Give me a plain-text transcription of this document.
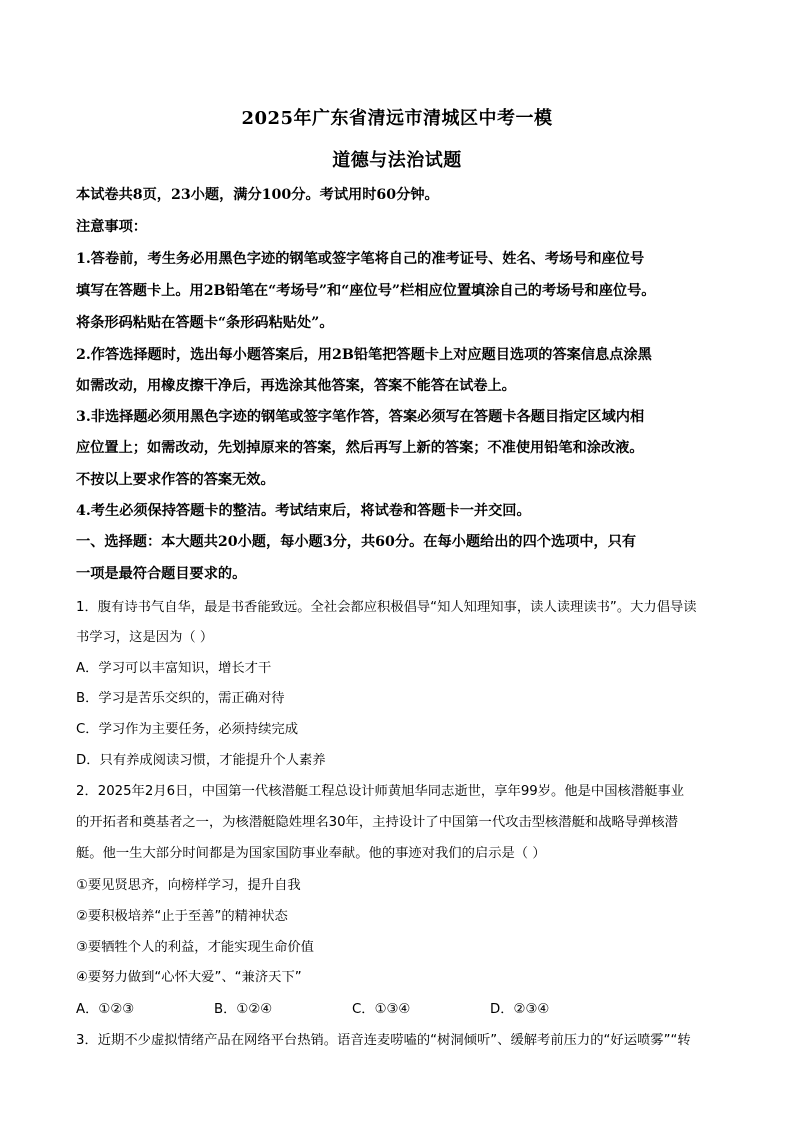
2025年广东省清远市清城区中考一模
道德与法治试题
本试卷共8页，23小题，满分100分。考试用时60分钟。
注意事项：
1.答卷前，考生务必用黑色字迹的钢笔或签字笔将自己的准考证号、姓名、考场号和座位号
填写在答题卡上。用2B铅笔在“考场号”和“座位号”栏相应位置填涂自己的考场号和座位号。
将条形码粘贴在答题卡“条形码粘贴处”。
2.作答选择题时，选出每小题答案后，用2B铅笔把答题卡上对应题目选项的答案信息点涂黑
如需改动，用橡皮擦干净后，再选涂其他答案，答案不能答在试卷上。
3.非选择题必须用黑色字迹的钢笔或签字笔作答，答案必须写在答题卡各题目指定区域内相
应位置上；如需改动，先划掉原来的答案，然后再写上新的答案；不准使用铅笔和涂改液。
不按以上要求作答的答案无效。
4.考生必须保持答题卡的整洁。考试结束后，将试卷和答题卡一并交回。
一、选择题：本大题共20小题，每小题3分，共60分。在每小题给出的四个选项中，只有
一项是最符合题目要求的。
1．腹有诗书气自华，最是书香能致远。全社会都应积极倡导“知人知理知事，读人读理读书”。大力倡导读
书学习，这是因为（ ）
A．学习可以丰富知识，增长才干
B．学习是苦乐交织的，需正确对待
C．学习作为主要任务，必须持续完成
D．只有养成阅读习惯，才能提升个人素养
2．2025年2月6日，中国第一代核潜艇工程总设计师黄旭华同志逝世，享年99岁。他是中国核潜艇事业
的开拓者和奠基者之一，为核潜艇隐姓埋名30年，主持设计了中国第一代攻击型核潜艇和战略导弹核潜
艇。他一生大部分时间都是为国家国防事业奉献。他的事迹对我们的启示是（ ）
①要见贤思齐，向榜样学习，提升自我
②要积极培养“止于至善”的精神状态
③要牺牲个人的利益，才能实现生命价值
④要努力做到“心怀大爱”、“兼济天下”
A．①②③	B．①②④	C．①③④	D．②③④
3．近期不少虚拟情绪产品在网络平台热销。语音连麦唠嗑的“树洞倾听”、缓解考前压力的“好运喷雾”“转
